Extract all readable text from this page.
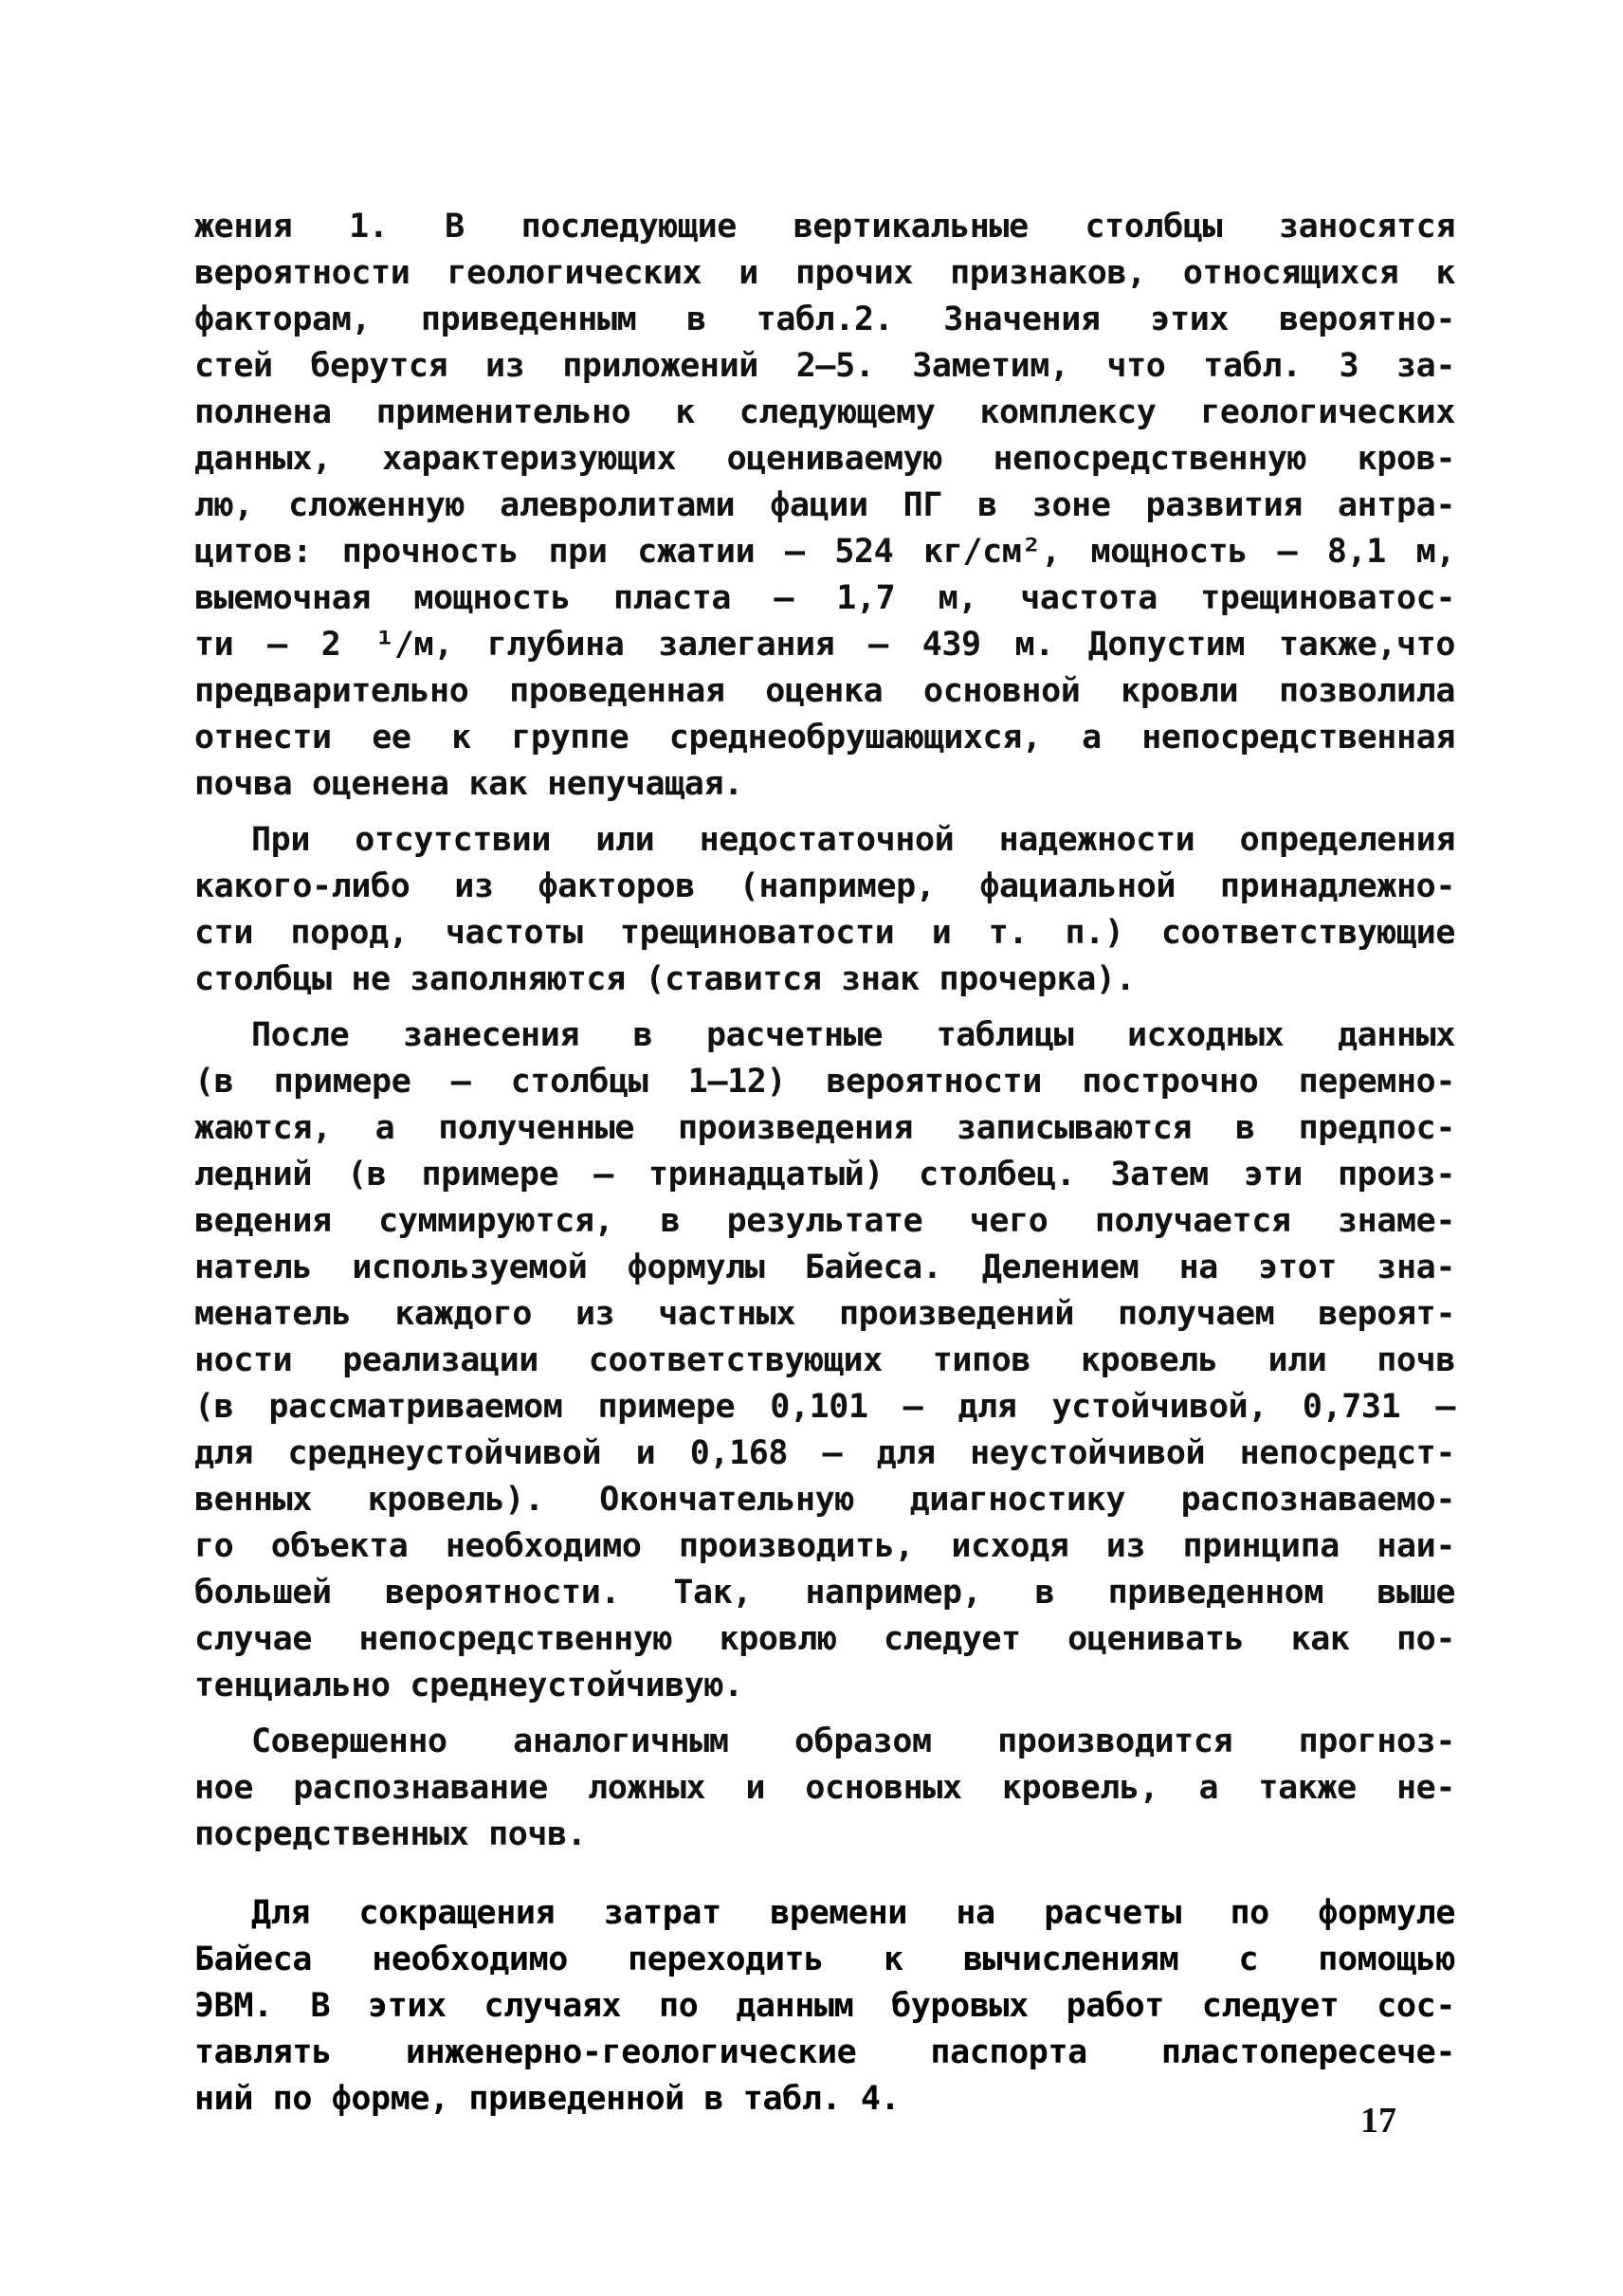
жения 1. В последующие вертикальные столбцы заносятся
вероятности геологических и прочих признаков, относящихся к
факторам, приведенным в табл.2. Значения этих вероятно-
стей берутся из приложений 2–5. Заметим, что табл. 3 за-
полнена применительно к следующему комплексу геологических
данных, характеризующих оцениваемую непосредственную кров-
лю, сложенную алевролитами фации ПГ в зоне развития антра-
цитов: прочность при сжатии – 524 кг/см², мощность – 8,1 м,
выемочная мощность пласта – 1,7 м, частота трещиноватос-
ти – 2 ¹/м, глубина залегания – 439 м. Допустим также,что
предварительно проведенная оценка основной кровли позволила
отнести ее к группе среднеобрушающихся, а непосредственная
почва оценена как непучащая.
При отсутствии или недостаточной надежности определения
какого-либо из факторов (например, фациальной принадлежно-
сти пород, частоты трещиноватости и т. п.) соответствующие
столбцы не заполняются (ставится знак прочерка).
После занесения в расчетные таблицы исходных данных
(в примере – столбцы 1–12) вероятности построчно перемно-
жаются, а полученные произведения записываются в предпос-
ледний (в примере – тринадцатый) столбец. Затем эти произ-
ведения суммируются, в результате чего получается знаме-
натель используемой формулы Байеса. Делением на этот зна-
менатель каждого из частных произведений получаем вероят-
ности реализации соответствующих типов кровель или почв
(в рассматриваемом примере 0,101 – для устойчивой, 0,731 –
для среднеустойчивой и 0,168 – для неустойчивой непосредст-
венных кровель). Окончательную диагностику распознаваемо-
го объекта необходимо производить, исходя из принципа наи-
большей вероятности. Так, например, в приведенном выше
случае непосредственную кровлю следует оценивать как по-
тенциально среднеустойчивую.
Совершенно аналогичным образом производится прогноз-
ное распознавание ложных и основных кровель, а также не-
посредственных почв.
Для сокращения затрат времени на расчеты по формуле
Байеса необходимо переходить к вычислениям с помощью
ЭВМ. В этих случаях по данным буровых работ следует сос-
тавлять инженерно-геологические паспорта пластопересече-
ний по форме, приведенной в табл. 4.
17
